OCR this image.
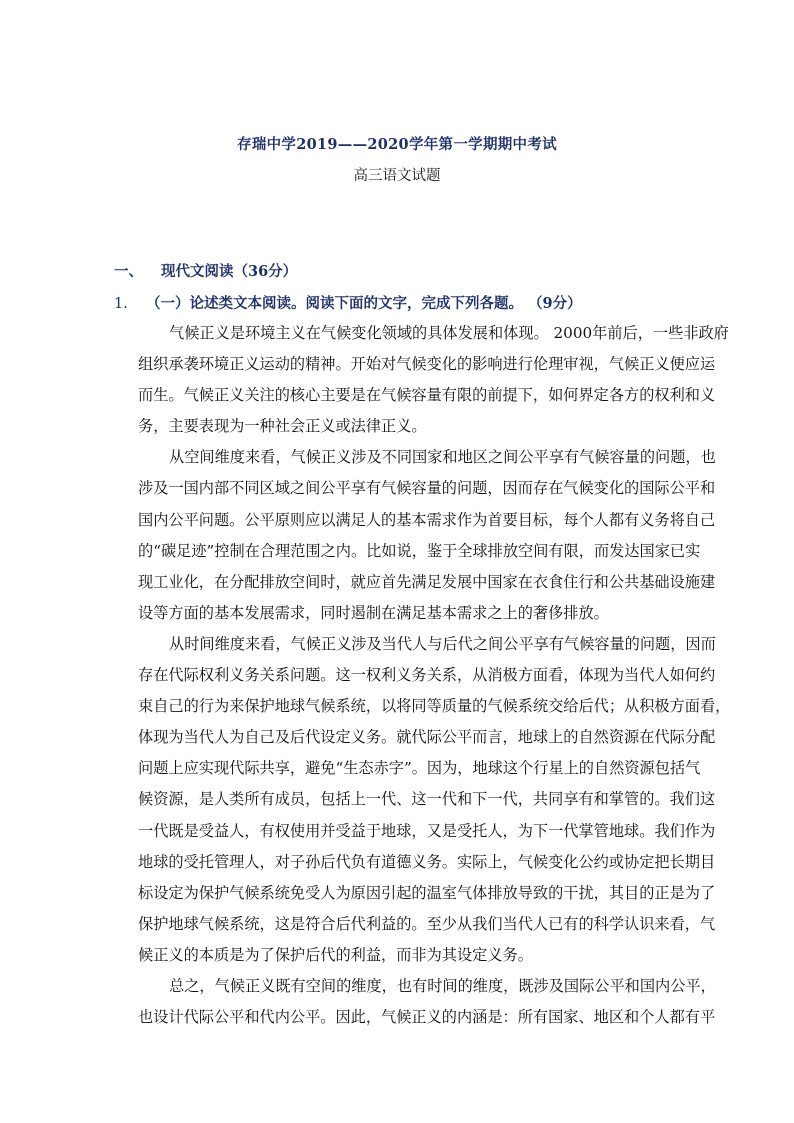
存瑞中学2019——2020学年第一学期期中考试
高三语文试题
一、 现代文阅读（36分）
1. （一）论述类文本阅读。阅读下面的文字，完成下列各题。 （9分）
气候正义是环境主义在气候变化领域的具体发展和体现。 2000年前后，一些非政府
组织承袭环境正义运动的精神。开始对气候变化的影响进行伦理审视，气候正义便应运
而生。气候正义关注的核心主要是在气候容量有限的前提下，如何界定各方的权利和义
务，主要表现为一种社会正义或法律正义。
从空间维度来看，气候正义涉及不同国家和地区之间公平享有气候容量的问题，也
涉及一国内部不同区域之间公平享有气候容量的问题，因而存在气候变化的国际公平和
国内公平问题。公平原则应以满足人的基本需求作为首要目标，每个人都有义务将自己
的“碳足迹”控制在合理范围之内。比如说，鉴于全球排放空间有限，而发达国家已实
现工业化，在分配排放空间时，就应首先满足发展中国家在衣食住行和公共基础设施建
设等方面的基本发展需求，同时遏制在满足基本需求之上的奢侈排放。
从时间维度来看，气候正义涉及当代人与后代之间公平享有气候容量的问题，因而
存在代际权利义务关系问题。这一权利义务关系，从消极方面看，体现为当代人如何约
束自己的行为来保护地球气候系统，以将同等质量的气候系统交给后代；从积极方面看，
体现为当代人为自己及后代设定义务。就代际公平而言，地球上的自然资源在代际分配
问题上应实现代际共享，避免“生态赤字”。因为，地球这个行星上的自然资源包括气
候资源，是人类所有成员，包括上一代、这一代和下一代，共同享有和掌管的。我们这
一代既是受益人，有权使用并受益于地球，又是受托人，为下一代掌管地球。我们作为
地球的受托管理人，对子孙后代负有道德义务。实际上，气候变化公约或协定把长期目
标设定为保护气候系统免受人为原因引起的温室气体排放导致的干扰，其目的正是为了
保护地球气候系统，这是符合后代利益的。至少从我们当代人已有的科学认识来看，气
候正义的本质是为了保护后代的利益，而非为其设定义务。
总之，气候正义既有空间的维度，也有时间的维度，既涉及国际公平和国内公平，
也设计代际公平和代内公平。因此，气候正义的内涵是：所有国家、地区和个人都有平
